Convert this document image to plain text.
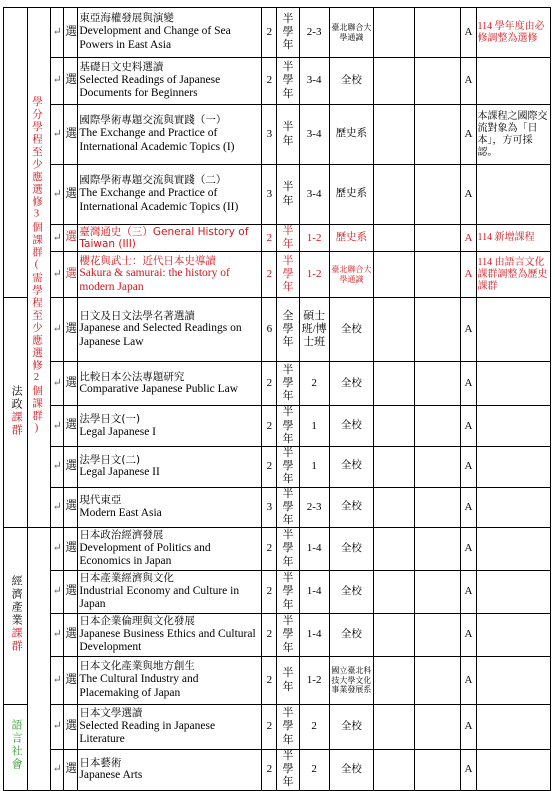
	學分學程至少應選修3個課群(需學程至少應選修2個課群)	↵	選	東亞海權發展與演變
Development and Change of Sea Powers in East Asia	2	半學年	2-3	臺北聯合大學通識			A	114 學年度由必修調整為選修
		↵	選	基礎日文史料選讀
Selected Readings of Japanese Documents for Beginners	2	半學年	3-4	全校			A	
		↵	選	國際學術專題交流與實踐（一）
The Exchange and Practice of International Academic Topics (I)	3	半年	3-4	歷史系			A	本課程之國際交流對象為「日本」，方可採認。
		↵	選	國際學術專題交流與實踐（二）
The Exchange and Practice of International Academic Topics (II)	3	半年	3-4	歷史系			A	
		↵	選	臺灣通史（三）General History of Taiwan (III)	2	半年	1-2	歷史系			A	114 新增課程
		↵	選	櫻花與武士：近代日本史導讀
Sakura & samurai: the history of modern Japan	2	半學年	1-2	臺北聯合大學通識			A	114 由語言文化課群調整為歷史課群
法政課群		↵	選	日文及日文法學名著選讀
Japanese and Selected Readings on Japanese Law	6	全學年	碩士班/博士班	全校			A	
		↵	選	比較日本公法專題研究
Comparative Japanese Public Law	2	半學年	2	全校			A	
		↵	選	法學日文(一)
Legal Japanese I	2	半學年	1	全校			A	
		↵	選	法學日文(二)
Legal Japanese II	2	半學年	1	全校			A	
		↵	選	現代東亞
Modern East Asia	3	半學年	2-3	全校			A	
經濟產業課群		↵	選	日本政治經濟發展
Development of Politics and Economics in Japan	2	半學年	1-4	全校			A	
		↵	選	日本產業經濟與文化
Industrial Economy and Culture in Japan	2	半學年	1-4	全校			A	
		↵	選	日本企業倫理與文化發展
Japanese Business Ethics and Cultural Development	2	半學年	1-4	全校			A	
		↵	選	日本文化產業與地方創生
The Cultural Industry and Placemaking of Japan	2	半年	1-2	國立臺北科技大學文化事業發展系			A	
語言社會		↵	選	日本文學選讀
Selected Reading in Japanese Literature	2	半學年	2	全校			A	
		↵	選	日本藝術
Japanese Arts	2	半學年	2	全校			A	
